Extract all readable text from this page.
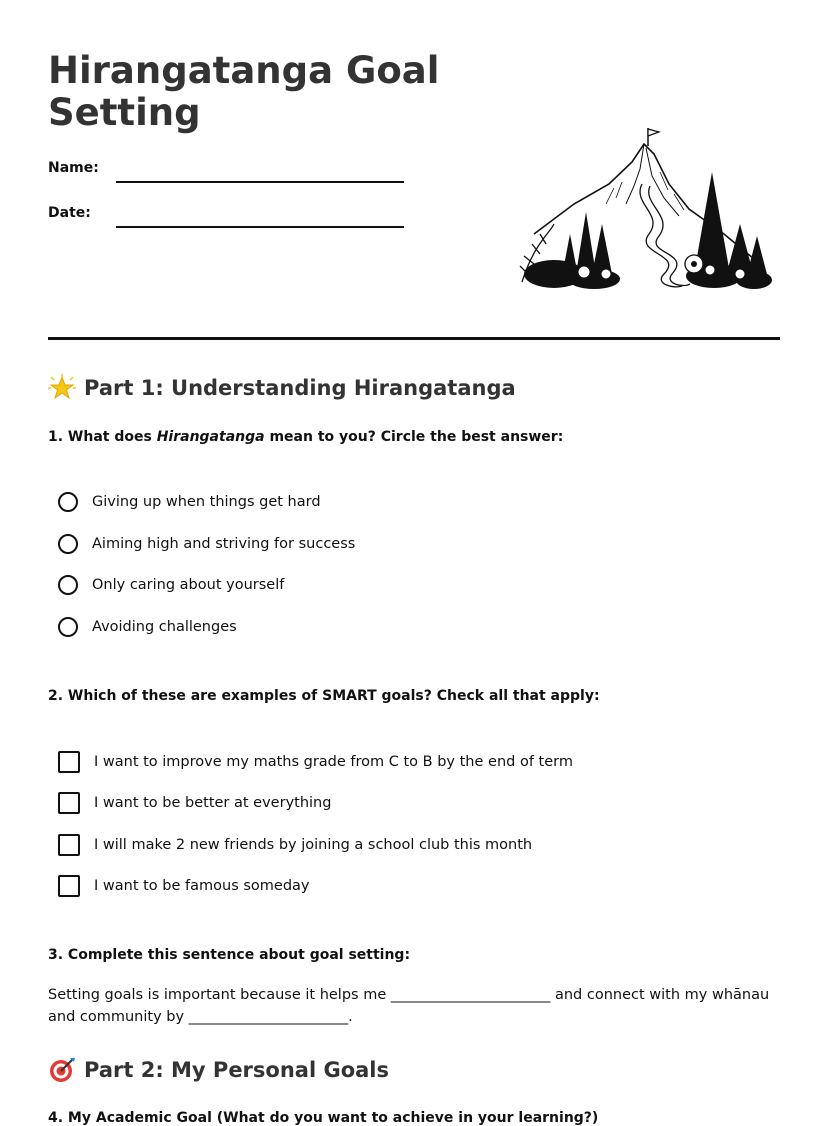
Hirangatanga Goal Setting
Name:
Date:
Part 1: Understanding Hirangatanga
1. What does Hirangatanga mean to you? Circle the best answer:
Giving up when things get hard
Aiming high and striving for success
Only caring about yourself
Avoiding challenges
2. Which of these are examples of SMART goals? Check all that apply:
I want to improve my maths grade from C to B by the end of term
I want to be better at everything
I will make 2 new friends by joining a school club this month
I want to be famous someday
3. Complete this sentence about goal setting:
Setting goals is important because it helps me ______________________ and connect with my whānau and community by ______________________.
Part 2: My Personal Goals
4. My Academic Goal (What do you want to achieve in your learning?)
